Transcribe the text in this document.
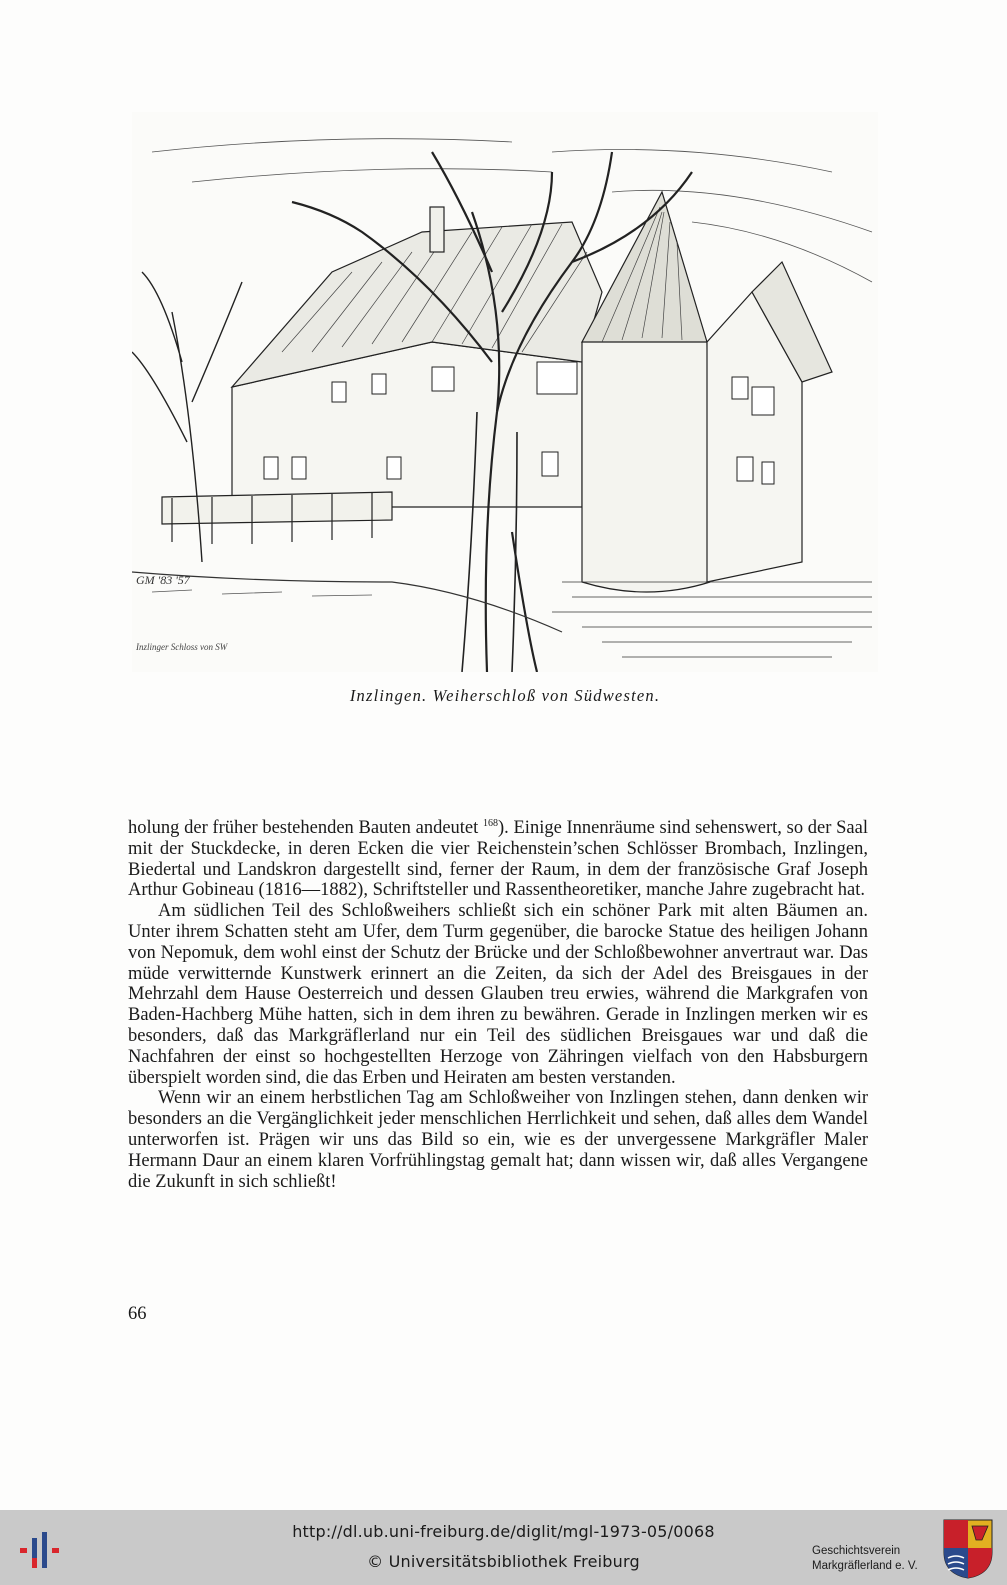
GM '83 '57
Inzlinger Schloss von SW
Inzlingen. Weiherschloß von Südwesten.

holung der früher bestehenden Bauten andeutet $^{168}$). Einige Innenräume sind sehenswert, so der Saal mit der Stuckdecke, in deren Ecken die vier Reichenstein’schen Schlösser Brombach, Inzlingen, Biedertal und Landskron dargestellt sind, ferner der Raum, in dem der französische Graf Joseph Arthur Gobineau (1816—1882), Schriftsteller und Rassentheoretiker, manche Jahre zugebracht hat.

Am südlichen Teil des Schloßweihers schließt sich ein schöner Park mit alten Bäumen an. Unter ihrem Schatten steht am Ufer, dem Turm gegenüber, die barocke Statue des heiligen Johann von Nepomuk, dem wohl einst der Schutz der Brücke und der Schloßbewohner anvertraut war. Das müde verwitternde Kunstwerk erinnert an die Zeiten, da sich der Adel des Breisgaues in der Mehrzahl dem Hause Oesterreich und dessen Glauben treu erwies, während die Markgrafen von Baden-Hachberg Mühe hatten, sich in dem ihren zu bewähren. Gerade in Inzlingen merken wir es besonders, daß das Markgräflerland nur ein Teil des südlichen Breisgaues war und daß die Nachfahren der einst so hochgestellten Herzoge von Zähringen vielfach von den Habsburgern überspielt worden sind, die das Erben und Heiraten am besten verstanden.

Wenn wir an einem herbstlichen Tag am Schloßweiher von Inzlingen stehen, dann denken wir besonders an die Vergänglichkeit jeder menschlichen Herrlichkeit und sehen, daß alles dem Wandel unterworfen ist. Prägen wir uns das Bild so ein, wie es der unvergessene Markgräfler Maler Hermann Daur an einem klaren Vorfrühlingstag gemalt hat; dann wissen wir, daß alles Vergangene die Zukunft in sich schließt!

66
http://dl.ub.uni-freiburg.de/diglit/mgl-1973-05/0068
© Universitätsbibliothek Freiburg
Geschichtsverein
Markgräflerland e. V.
